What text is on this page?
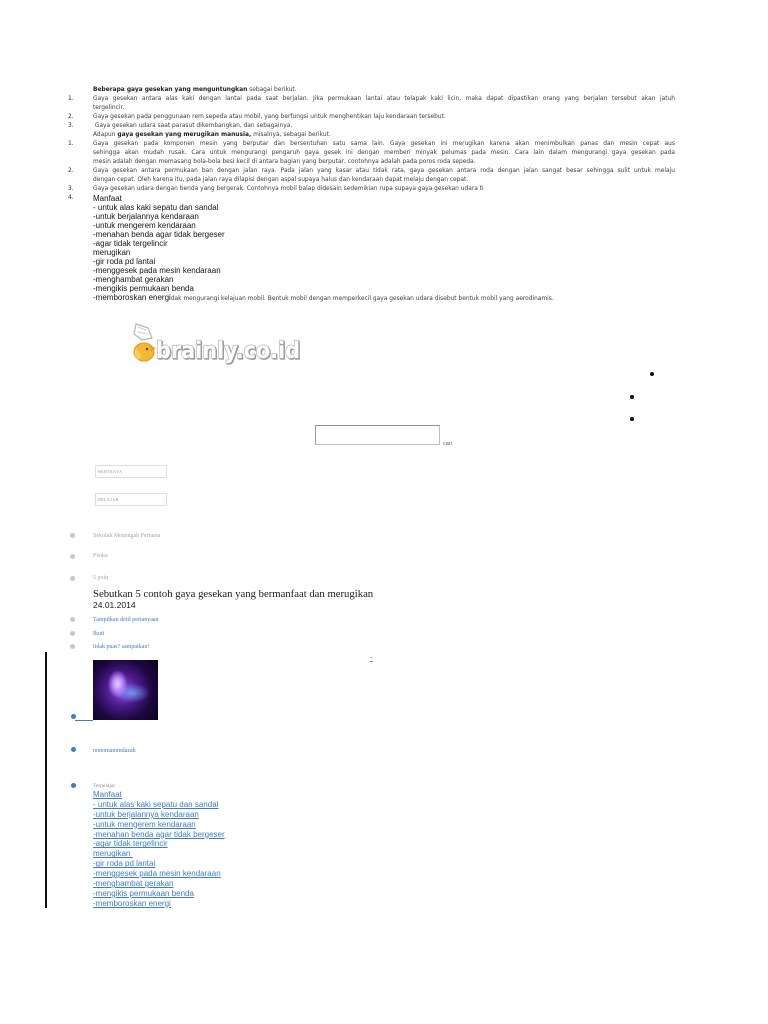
Beberapa gaya gesekan yang menguntungkan sebagai berikut.
1.	Gaya gesekan antara alas kaki dengan lantai pada saat berjalan. Jika permukaan lantai atau telapak kaki licin, maka dapat dipastikan orang yang berjalan tersebut akan jatuh
tergelincir.
2.	Gaya gesekan pada penggunaan rem sepeda atau mobil, yang berfungsi untuk menghentikan laju kendaraan tersebut.
3.	Gaya gesekan udara saat parasut dikembangkan, dan sebagainya.
Adapun gaya gesekan yang merugikan manusia, misalnya, sebagai berikut.
1.	Gaya gesekan pada komponen mesin yang berputar dan bersentuhan satu sama lain. Gaya gesekan ini merugikan karena akan menimbulkan panas dan mesin cepat aus
sehingga akan mudah rusak. Cara untuk mengurangi pengaruh gaya gesek ini dengan memberi minyak pelumas pada mesin. Cara lain dalam mengurangi gaya gesekan pada
mesin adalah dengan memasang bola-bola besi kecil di antara bagian yang berputar, contohnya adalah pada poros roda sepeda.
2.	Gaya gesekan antara permukaan ban dengan jalan raya. Pada jalan yang kasar atau tidak rata, gaya gesekan antara roda dengan jalan sangat besar sehingga sulit untuk melaju
dengan cepat. Oleh karena itu, pada jalan raya dilapisi dengan aspal supaya halus dan kendaraan dapat melaju dengan cepat.
3.	Gaya gesekan udara dengan benda yang bergerak. Contohnya mobil balap didesain sedemikian rupa supaya gaya gesekan udara ti
4. Manfaat
- untuk alas kaki sepatu dan sandal
-untuk berjalannya kendaraan
-untuk mengerem kendaraan
-menahan benda agar tidak bergeser
-agar tidak tergelincir
merugikan
-gir roda pd lantai
-menggesek pada mesin kendaraan
-menghambat gerakan
-mengikis permukaan benda
-memboroskan energidak mengurangi kelajuan mobil. Bentuk mobil dengan memperkecil gaya gesekan udara disebut bentuk mobil yang aerodinamis.
brainly.co.id
cari
BERTANYA
BELAJAR
Sekolah Menengah Pertama
Fisika
5 poin
Sebutkan 5 contoh gaya gesekan yang bermanfaat dan merugikan
24.01.2014
Tampilkan detil pertanyaan
Ikuti
tidak puas? sampaikan!
-
nonomamindazah
Terpelajar
Manfaat
- untuk alas kaki sepatu dan sandal
-untuk berjalannya kendaraan
-untuk mengerem kendaraan
-menahan benda agar tidak bergeser
-agar tidak tergelincir
merugikan
-gir roda pd lantai
-menggesek pada mesin kendaraan
-menghambat gerakan
-mengikis permukaan benda
-memboroskan energi
